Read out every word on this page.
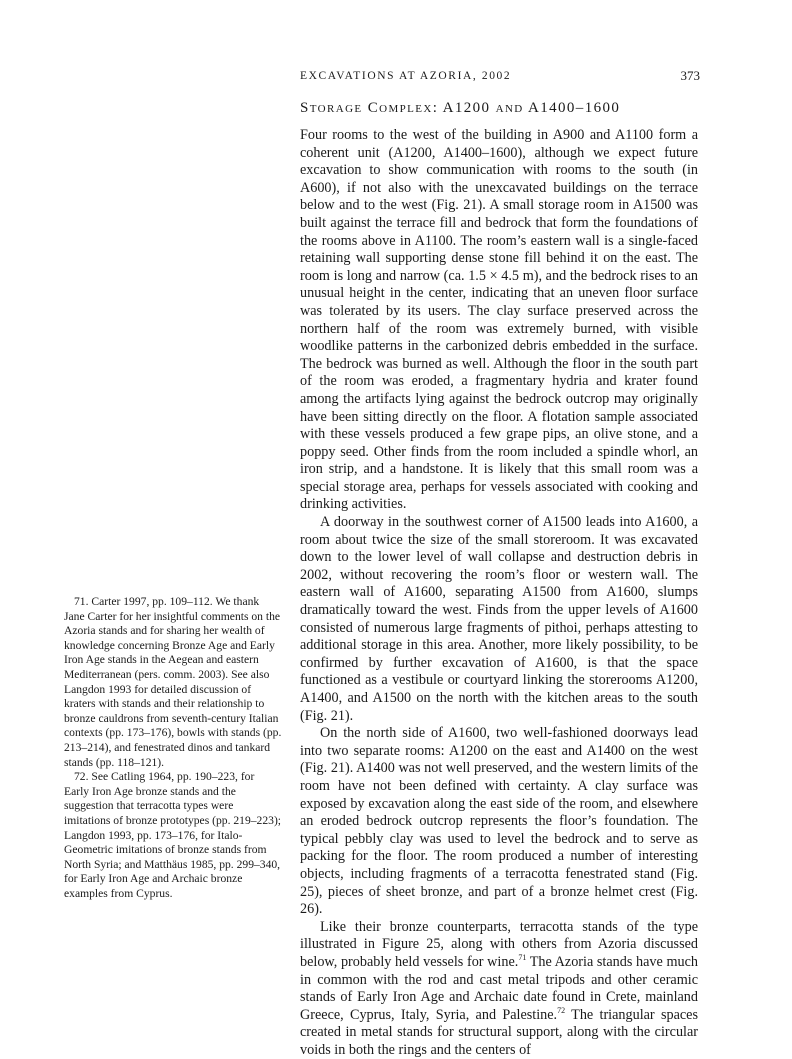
EXCAVATIONS AT AZORIA, 2002	373
Storage Complex: A1200 and A1400–1600

Four rooms to the west of the building in A900 and A1100 form a coherent unit (A1200, A1400–1600), although we expect future excavation to show communication with rooms to the south (in A600), if not also with the unexcavated buildings on the terrace below and to the west (Fig. 21). A small storage room in A1500 was built against the terrace fill and bedrock that form the foundations of the rooms above in A1100. The room’s eastern wall is a single-faced retaining wall supporting dense stone fill behind it on the east. The room is long and narrow (ca. 1.5 × 4.5 m), and the bedrock rises to an unusual height in the center, indicating that an uneven floor surface was tolerated by its users. The clay surface preserved across the northern half of the room was extremely burned, with visible woodlike patterns in the carbonized debris embedded in the surface. The bedrock was burned as well. Although the floor in the south part of the room was eroded, a fragmentary hydria and krater found among the artifacts lying against the bedrock outcrop may originally have been sitting directly on the floor. A flotation sample associated with these vessels produced a few grape pips, an olive stone, and a poppy seed. Other finds from the room included a spindle whorl, an iron strip, and a handstone. It is likely that this small room was a special storage area, perhaps for vessels associated with cooking and drinking activities.

A doorway in the southwest corner of A1500 leads into A1600, a room about twice the size of the small storeroom. It was excavated down to the lower level of wall collapse and destruction debris in 2002, without recovering the room’s floor or western wall. The eastern wall of A1600, separating A1500 from A1600, slumps dramatically toward the west. Finds from the upper levels of A1600 consisted of numerous large fragments of pithoi, perhaps attesting to additional storage in this area. Another, more likely possibility, to be confirmed by further excavation of A1600, is that the space functioned as a vestibule or courtyard linking the storerooms A1200, A1400, and A1500 on the north with the kitchen areas to the south (Fig. 21).

On the north side of A1600, two well-fashioned doorways lead into two separate rooms: A1200 on the east and A1400 on the west (Fig. 21). A1400 was not well preserved, and the western limits of the room have not been defined with certainty. A clay surface was exposed by excavation along the east side of the room, and elsewhere an eroded bedrock outcrop represents the floor’s foundation. The typical pebbly clay was used to level the bedrock and to serve as packing for the floor. The room produced a number of interesting objects, including fragments of a terracotta fenestrated stand (Fig. 25), pieces of sheet bronze, and part of a bronze helmet crest (Fig. 26).

Like their bronze counterparts, terracotta stands of the type illustrated in Figure 25, along with others from Azoria discussed below, probably held vessels for wine.$^{71}$ The Azoria stands have much in common with the rod and cast metal tripods and other ceramic stands of Early Iron Age and Archaic date found in Crete, mainland Greece, Cyprus, Italy, Syria, and Palestine.$^{72}$ The triangular spaces created in metal stands for structural support, along with the circular voids in both the rings and the centers of

71. Carter 1997, pp. 109–112. We thank Jane Carter for her insightful comments on the Azoria stands and for sharing her wealth of knowledge concerning Bronze Age and Early Iron Age stands in the Aegean and eastern Mediterranean (pers. comm. 2003). See also Langdon 1993 for detailed discussion of kraters with stands and their relationship to bronze cauldrons from seventh-century Italian contexts (pp. 173–176), bowls with stands (pp. 213–214), and fenestrated dinos and tankard stands (pp. 118–121).

72. See Catling 1964, pp. 190–223, for Early Iron Age bronze stands and the suggestion that terracotta types were imitations of bronze prototypes (pp. 219–223); Langdon 1993, pp. 173–176, for Italo-Geometric imitations of bronze stands from North Syria; and Matthäus 1985, pp. 299–340, for Early Iron Age and Archaic bronze examples from Cyprus.
